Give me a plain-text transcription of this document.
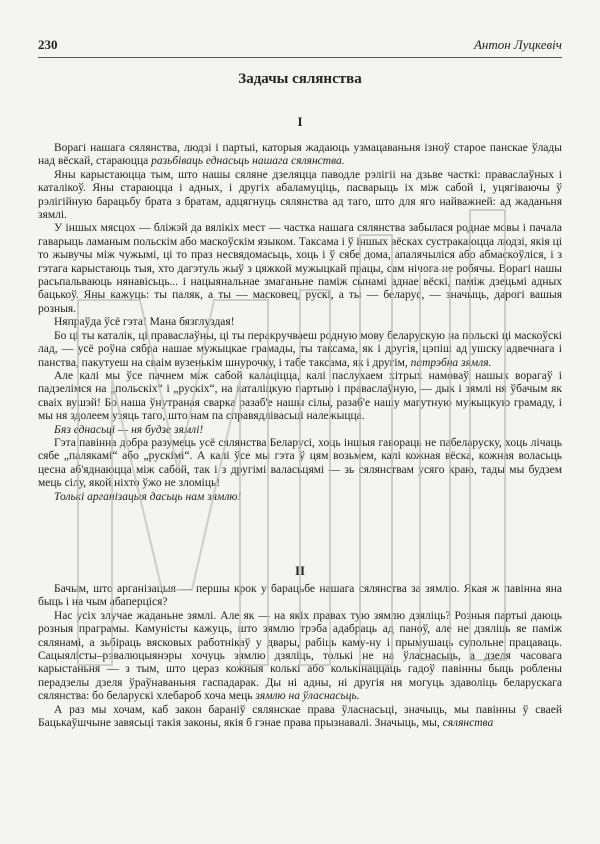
230	Антон Луцкевіч
Задачы сялянства
I

Ворагі нашага сялянства, людзі і партыі, каторыя жадаюць узмацаваньня ізноў старое панскае ўлады над вёскай, стараюцца разьбіваць еднасьць нашага сялянства.

Яны карыстаюцца тым, што нашы сяляне дзеляцца паводле рэлігіі на дзьве часткі: праваслаўных і каталікоў. Яны стараюцца і адных, і другіх абаламуціць, пасварыць іх між сабой і, уцягіваючы ў рэлігійную барацьбу брата з братам, адцягнуць сялянства ад таго, што для яго найважней: ад жаданьня зямлі.

У іншых мясцох — бліжэй да вялікіх мест — частка нашага сялянства забылася роднае мовы і пачала гаварыць ламаным польскім або маскоўскім языком. Таксама і ў іншых вёсках сустракаюцца людзі, якія ці то жывучы між чужымі, ці то праз несвядомасьць, хоць і ў сябе дома, апалячыліся або абмаскоўліся, і з гэтага карыстаюць тыя, хто дагэтуль жыў з цяжкой мужыцкай працы, сам нічога не робячы. Ворагі нашы расьпальваюць нянавісьць... і нацыянальнае змаганьне паміж сынамі аднае вёскі, паміж дзецьмі адных бацькоў. Яны кажуць: ты паляк, а ты — масковец, рускі, а ты — беларус, — значыць, дарогі вашыя розныя.

Няпраўда ўсё гэта! Мана бязглуздая!

Бо ці ты каталік, ці праваслаўны, ці ты перакручваеш родную мову беларускую на польскі ці маскоўскі лад, — усё роўна сябра нашае мужыцкае грамады, ты таксама, як і другія, цэпіш ад ушску адвечнага і панства, пакутуеш на сваім вузенькім шнурочку, і табе таксама, як і другім, патрэбна зямля.

Але калі мы ўсе пачнем між сабой калаціцца, калі паслухаем хітрых намоваў нашых ворагаў і падзелімся на „польскіх“ і „рускіх“, на каталіцкую партыю і праваслаўную, — дык і зямлі ня ўбачым як сваіх вушэй! Бо наша ўнутраная сварка разаб'е нашы сілы, разаб'е нашу магутную мужыцкую грамаду, і мы ня здолеем узяць таго, што нам па справядлівасьці належыцца.

Бяз еднасьці — ня будзе зямлі!

Гэта павінна добра разумець усё сялянства Беларусі, хоць іншыя гавораць не пабеларуску, хоць лічаць сябе „палякамі“ або „рускімі“. А калі ўсе мы гэта ў цям возьмем, калі кожная вёска, кожная воласьць цесна аб'яднаюцца між сабой, так і з другімі валасьцямі — зь сялянствам усяго краю, тады мы будзем мець сілу, якой ніхто ўжо не зломіць!

Толькі арганізацыя дасьць нам зямлю!

II

Бачым, што арганізацыя — першы крок у барацьбе нашага сялянства за зямлю. Якая ж павінна яна быць і на чым абаперціся?

Нас усіх злучае жаданьне зямлі. Але як — на якіх правах тую зямлю дзяліць? Розныя партыі даюць розныя праграмы. Камуністы кажуць, што зямлю трэба адабраць ад паноў, але не дзяліць яе паміж сялянамі, а зьбіраць вясковых работнікаў у двары, рабіць каму-ну і прымушаць супольне працаваць. Сацыялісты–рэвалюцыянэры хочуць зямлю дзяліць, толькі не на ўласнасьць, а дзеля часовага карыстаньня — з тым, што цераз кожныя колькі або колькінаццаць гадоў павінны быць роблены перадзелы дзеля ўраўнаваньня гаспадарак. Ды ні адны, ні другія ня могуць здаволіць беларускага сялянства: бо беларускі хлебароб хоча мець зямлю на ўласнасьць.

А раз мы хочам, каб закон бараніў сялянскае права ўласнасьці, значыць, мы павінны ў сваей Бацькаўшчыне завясьці такія законы, якія б гэнае права прызнавалі. Значыць, мы, сялянства
